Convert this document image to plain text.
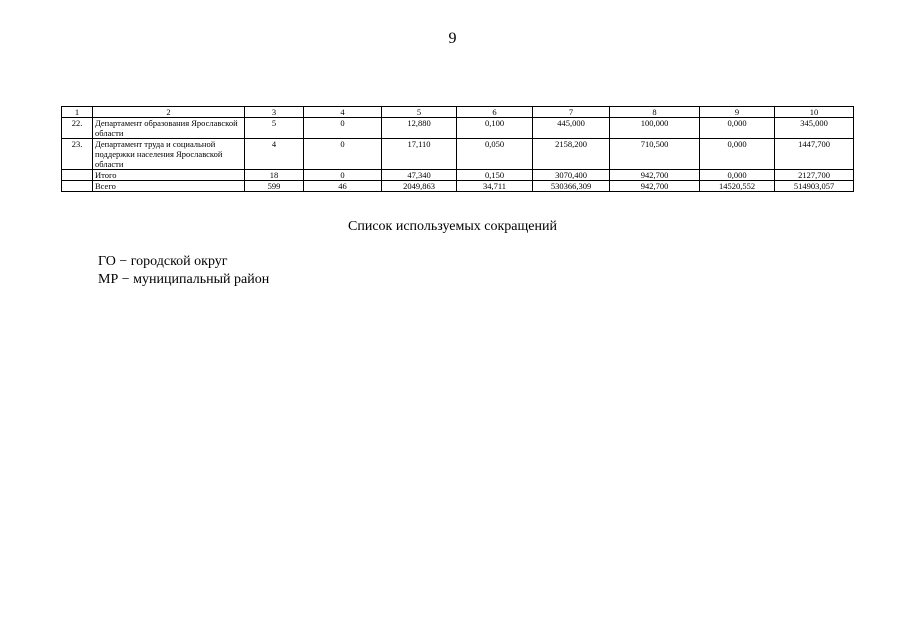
9
1	2	3	4	5	6	7	8	9	10
22.	Департамент образования Ярославской области	5	0	12,880	0,100	445,000	100,000	0,000	345,000
23.	Департамент труда и социальной поддержки населения Ярославской области	4	0	17,110	0,050	2158,200	710,500	0,000	1447,700
	Итого	18	0	47,340	0,150	3070,400	942,700	0,000	2127,700
	Всего	599	46	2049,863	34,711	530366,309	942,700	14520,552	514903,057
Список используемых сокращений
ГО − городской округ
МР − муниципальный район
